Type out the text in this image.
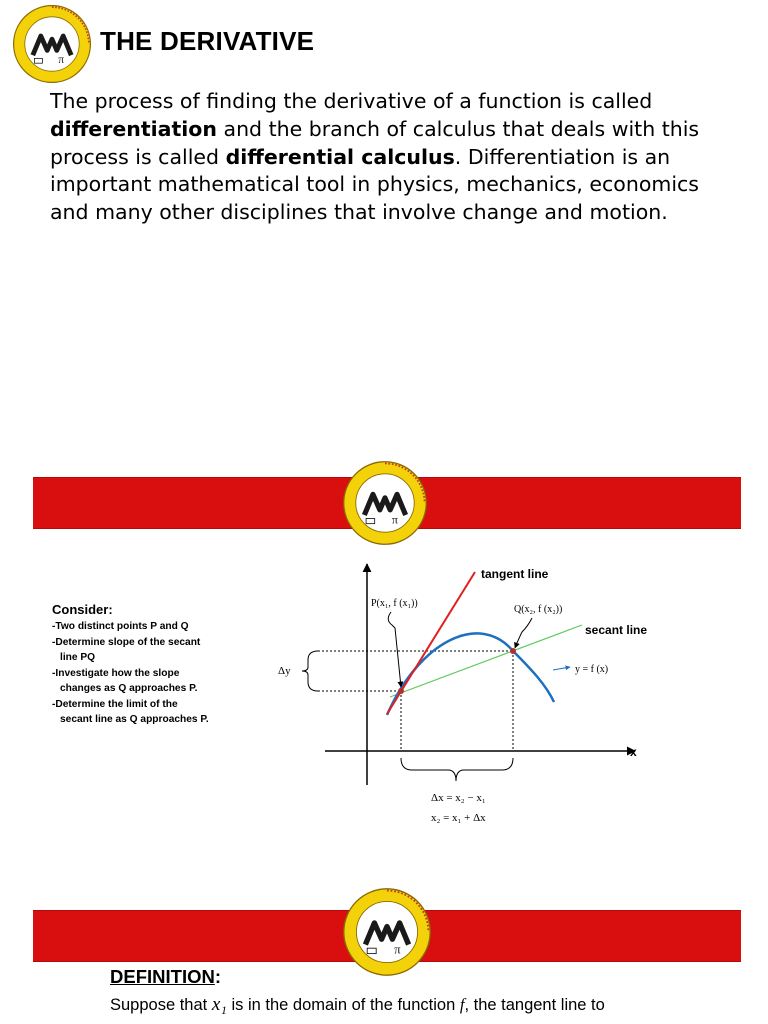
π
THE DERIVATIVE
The process of finding the derivative of a function is called differentiation and the branch of calculus that deals with this process is called differential calculus. Differentiation is an important mathematical tool in physics, mechanics, economics and many other disciplines that involve change and motion.
π
Consider:
-Two distinct points P and Q
-Determine slope of the secant
line PQ
-Investigate how the slope
changes as Q approaches P.
-Determine the limit of the
secant line as Q approaches P.
x
Δy
tangent line
secant line
P(x₁, f (x₁))
Q(x₂, f (x₂))
y = f (x)
Δx = x₂ − x₁
x₂ = x₁ + Δx
π
DEFINITION:
Suppose that x₁ is in the domain of the function f, the tangent line to
